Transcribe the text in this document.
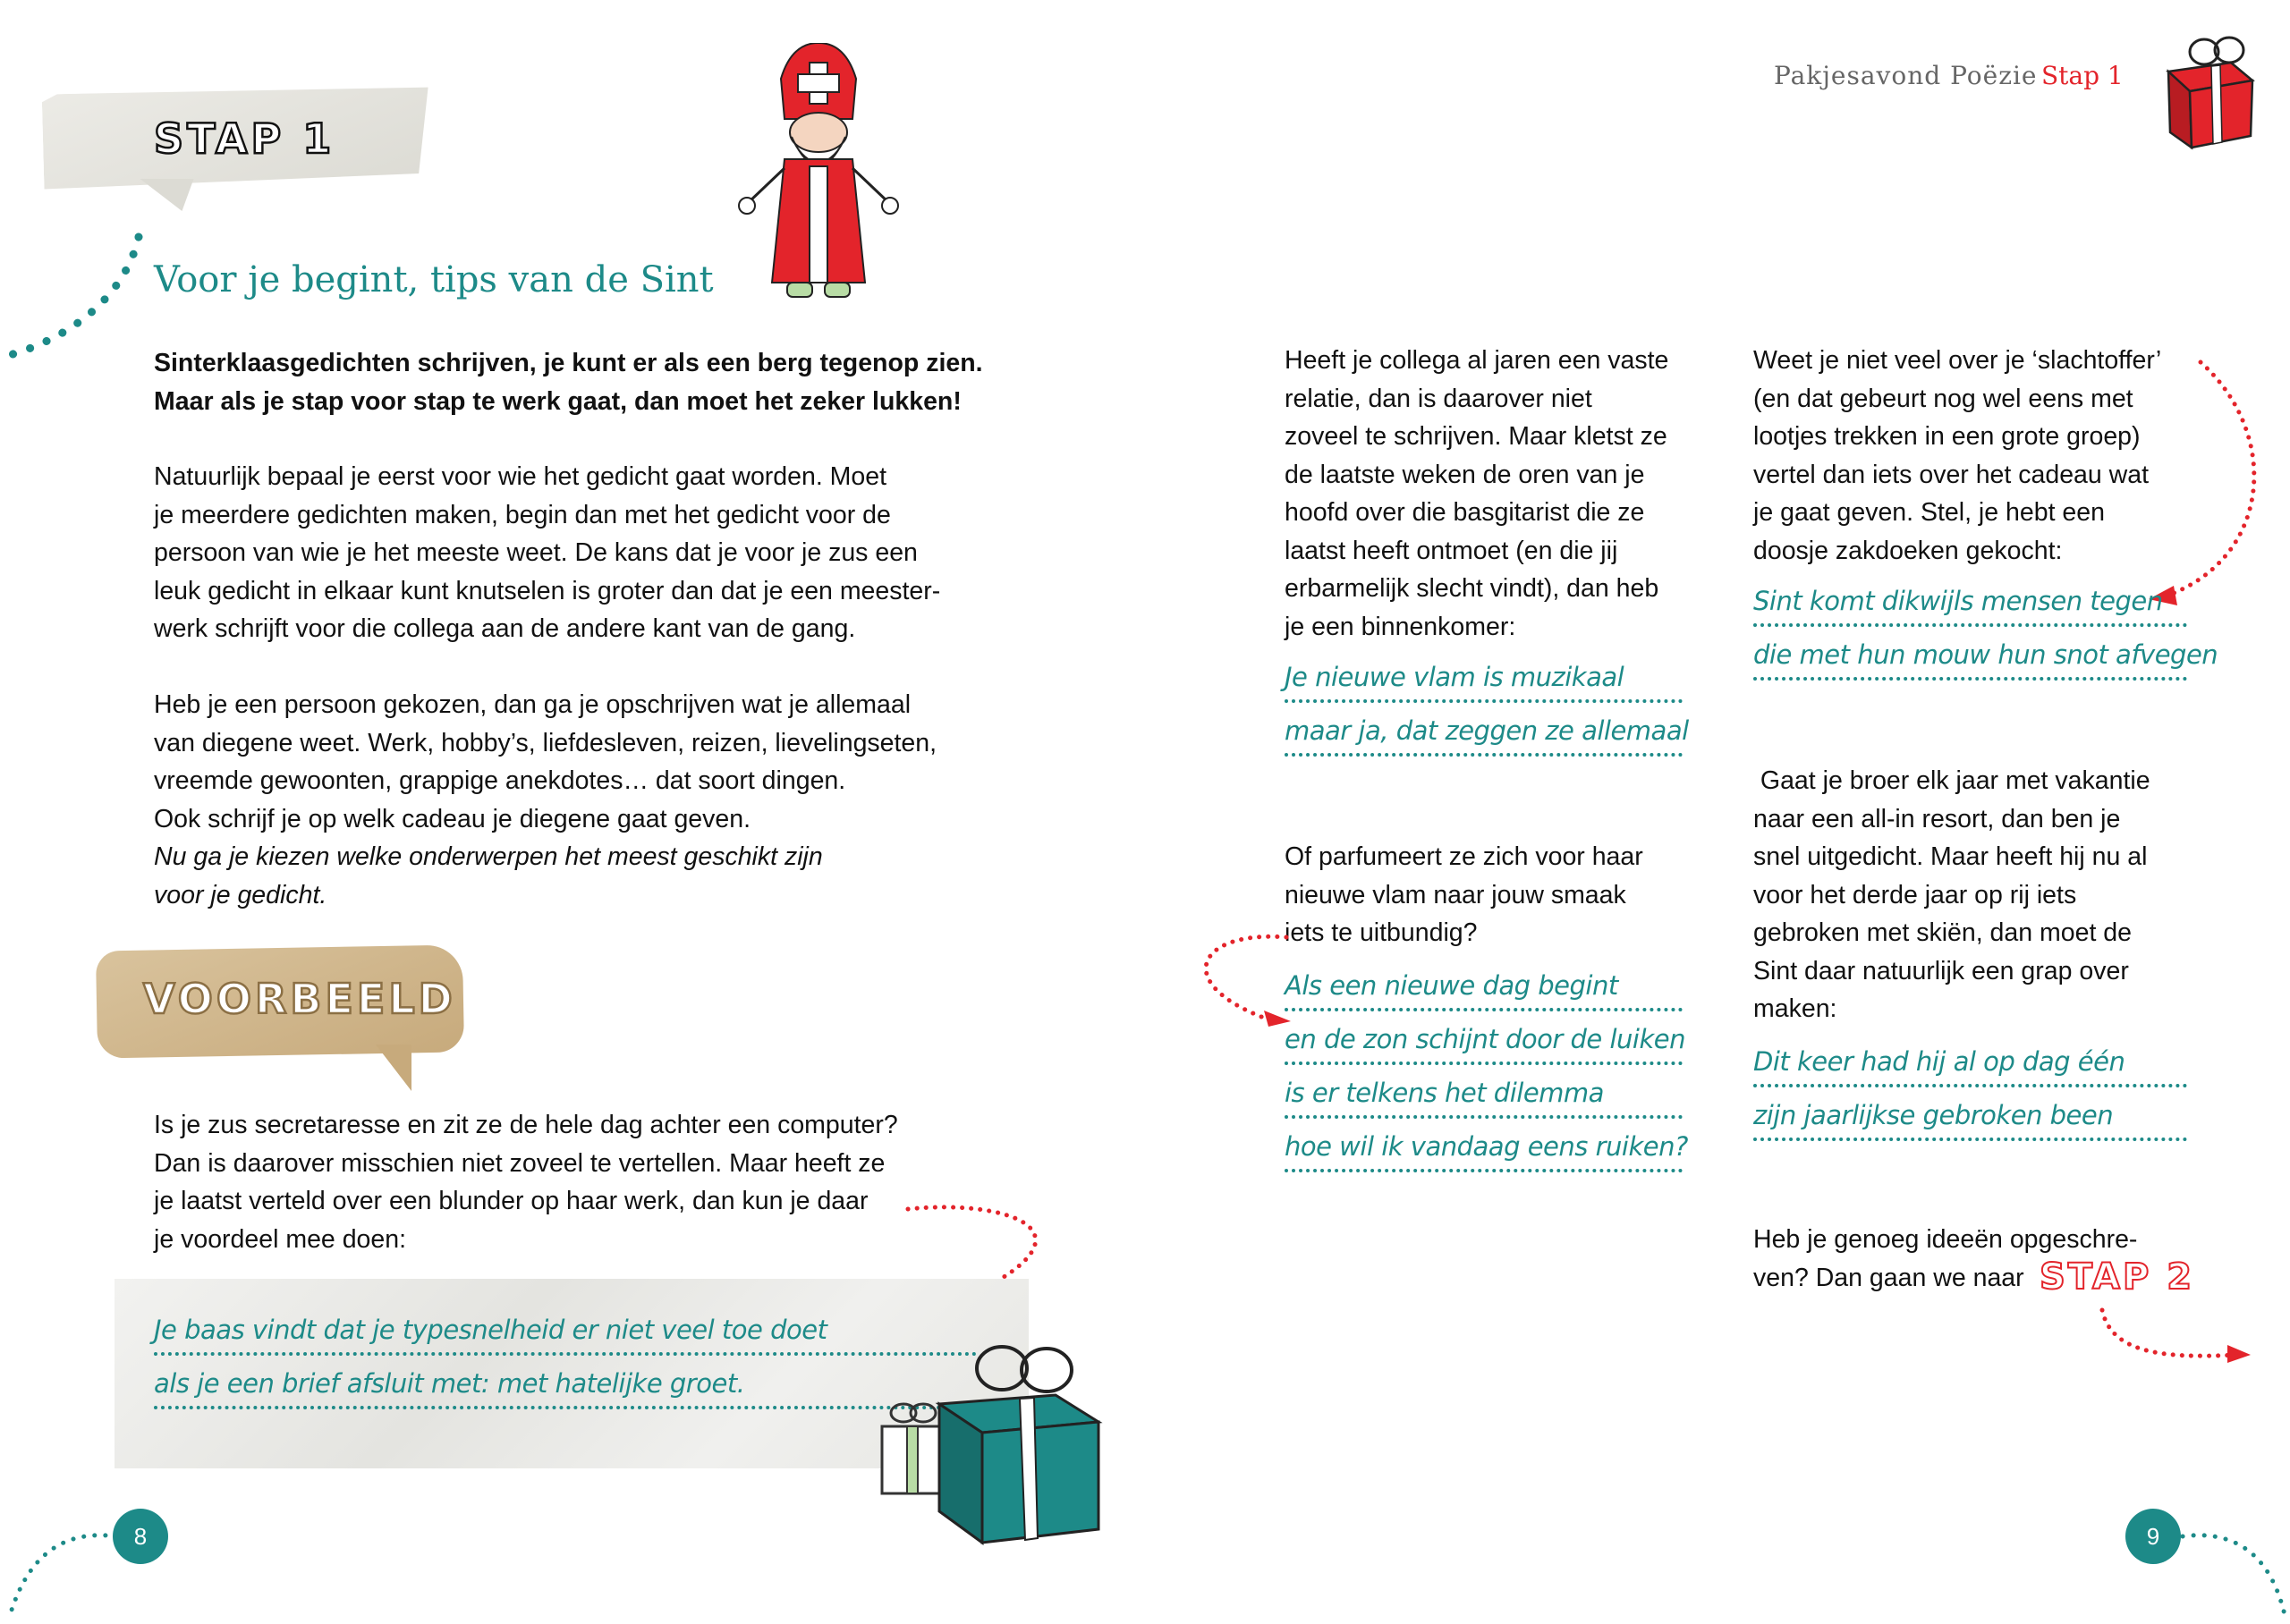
STAP 1
Voor je begint, tips van de Sint

Sinterklaasgedichten schrijven, je kunt er als een berg tegenop zien.

Maar als je stap voor stap te werk gaat, dan moet het zeker lukken!

Natuurlijk bepaal je eerst voor wie het gedicht gaat worden. Moet

je meerdere gedichten maken, begin dan met het gedicht voor de

persoon van wie je het meeste weet. De kans dat je voor je zus een

leuk gedicht in elkaar kunt knutselen is groter dan dat je een meester-

werk schrijft voor die collega aan de andere kant van de gang.

Heb je een persoon gekozen, dan ga je opschrijven wat je allemaal

van diegene weet. Werk, hobby’s, liefdesleven, reizen, lievelingseten,

vreemde gewoonten, grappige anekdotes… dat soort dingen.

Ook schrijf je op welk cadeau je diegene gaat geven.

Nu ga je kiezen welke onderwerpen het meest geschikt zijn

voor je gedicht.

VOORBEELD

Is je zus secretaresse en zit ze de hele dag achter een computer?

Dan is daarover misschien niet zoveel te vertellen. Maar heeft ze

je laatst verteld over een blunder op haar werk, dan kun je daar

je voordeel mee doen:

Je baas vindt dat je typesnelheid er niet veel toe doet
als je een brief afsluit met: met hatelijke groet.
8
Pakjesavond Poëzie Stap 1

Heeft je collega al jaren een vaste

relatie, dan is daarover niet

zoveel te schrijven. Maar kletst ze

de laatste weken de oren van je

hoofd over die basgitarist die ze

laatst heeft ontmoet (en die jij

erbarmelijk slecht vindt), dan heb

je een binnenkomer:

Je nieuwe vlam is muzikaal
maar ja, dat zeggen ze allemaal

Of parfumeert ze zich voor haar

nieuwe vlam naar jouw smaak

iets te uitbundig?

Als een nieuwe dag begint
en de zon schijnt door de luiken
is er telkens het dilemma
hoe wil ik vandaag eens ruiken?

Weet je niet veel over je ‘slachtoffer’

(en dat gebeurt nog wel eens met

lootjes trekken in een grote groep)

vertel dan iets over het cadeau wat

je gaat geven. Stel, je hebt een

doosje zakdoeken gekocht:

Sint komt dikwijls mensen tegen
die met hun mouw hun snot afvegen

Gaat je broer elk jaar met vakantie

naar een all-in resort, dan ben je

snel uitgedicht. Maar heeft hij nu al

voor het derde jaar op rij iets

gebroken met skiën, dan moet de

Sint daar natuurlijk een grap over

maken:

Dit keer had hij al op dag één
zijn jaarlijkse gebroken been

Heb je genoeg ideeën opgeschre-

ven? Dan gaan we naar STAP 2
9
